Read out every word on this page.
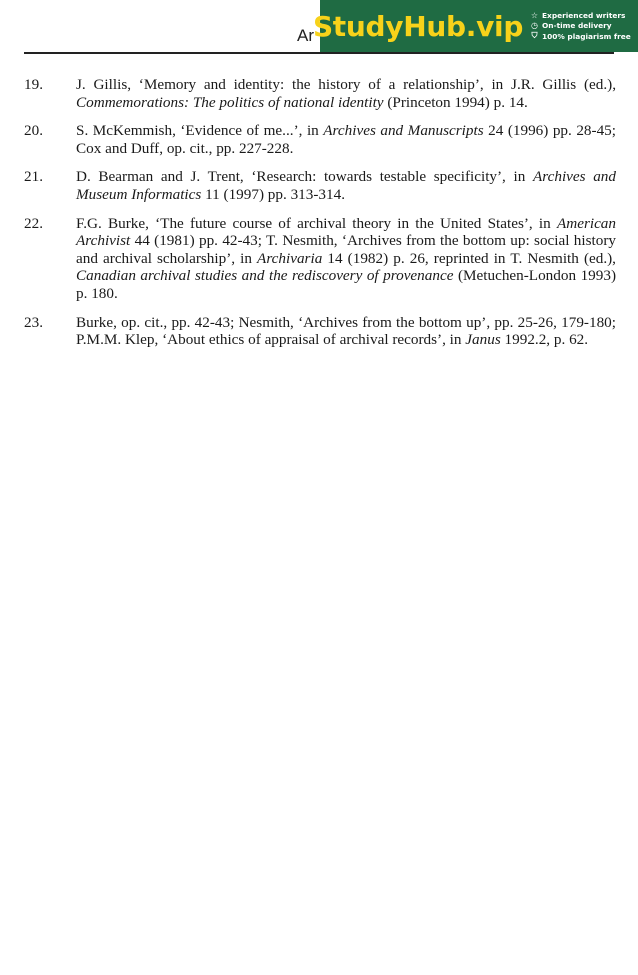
Ar
StudyHub.vip ☆ Experienced writers
◷ On-time delivery
⛉ 100% plagiarism free
19.	J. Gillis, ‘Memory and identity: the history of a relationship’, in J.R. Gillis (ed.), Commemorations: The politics of national identity (Princeton 1994) p. 14.
20.	S. McKemmish, ‘Evidence of me...’, in Archives and Manuscripts 24 (1996) pp. 28-45; Cox and Duff, op. cit., pp. 227-228.
21.	D. Bearman and J. Trent, ‘Research: towards testable specificity’, in Archives and Museum Informatics 11 (1997) pp. 313-314.
22.	F.G. Burke, ‘The future course of archival theory in the United States’, in American Archivist 44 (1981) pp. 42-43; T. Nesmith, ‘Archives from the bottom up: social history and archival scholarship’, in Archivaria 14 (1982) p. 26, reprinted in T. Nesmith (ed.), Canadian archival studies and the rediscovery of provenance (Metuchen-London 1993) p. 180.
23.	Burke, op. cit., pp. 42-43; Nesmith, ‘Archives from the bottom up’, pp. 25-26, 179-180; P.M.M. Klep, ‘About ethics of appraisal of archival records’, in Janus 1992.2, p. 62.
